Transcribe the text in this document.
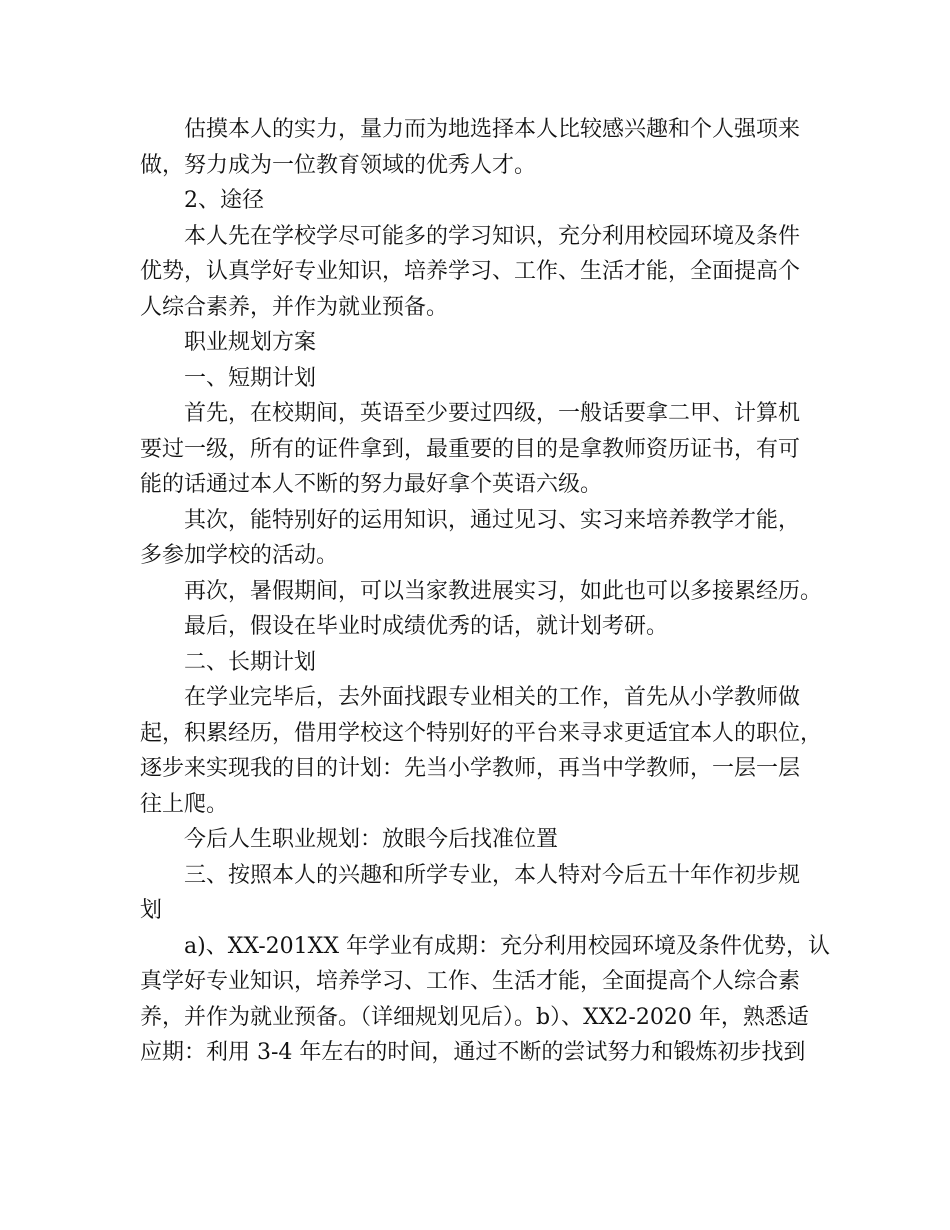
估摸本人的实力，量力而为地选择本人比较感兴趣和个人强项来
做，努力成为一位教育领域的优秀人才。

2、途径

本人先在学校学尽可能多的学习知识，充分利用校园环境及条件
优势，认真学好专业知识，培养学习、工作、生活才能，全面提高个
人综合素养，并作为就业预备。

职业规划方案

一、短期计划

首先，在校期间，英语至少要过四级，一般话要拿二甲、计算机
要过一级，所有的证件拿到，最重要的目的是拿教师资历证书，有可
能的话通过本人不断的努力最好拿个英语六级。

其次，能特别好的运用知识，通过见习、实习来培养教学才能，
多参加学校的活动。

再次，暑假期间，可以当家教进展实习，如此也可以多接累经历。

最后，假设在毕业时成绩优秀的话，就计划考研。

二、长期计划

在学业完毕后，去外面找跟专业相关的工作，首先从小学教师做
起，积累经历，借用学校这个特别好的平台来寻求更适宜本人的职位，
逐步来实现我的目的计划：先当小学教师，再当中学教师，一层一层
往上爬。

今后人生职业规划：放眼今后找准位置

三、按照本人的兴趣和所学专业，本人特对今后五十年作初步规
划

a)、XX-201XX 年学业有成期：充分利用校园环境及条件优势，认
真学好专业知识，培养学习、工作、生活才能，全面提高个人综合素
养，并作为就业预备。（详细规划见后）。b）、XX2-2020 年，熟悉适
应期：利用 3-4 年左右的时间，通过不断的尝试努力和锻炼初步找到
